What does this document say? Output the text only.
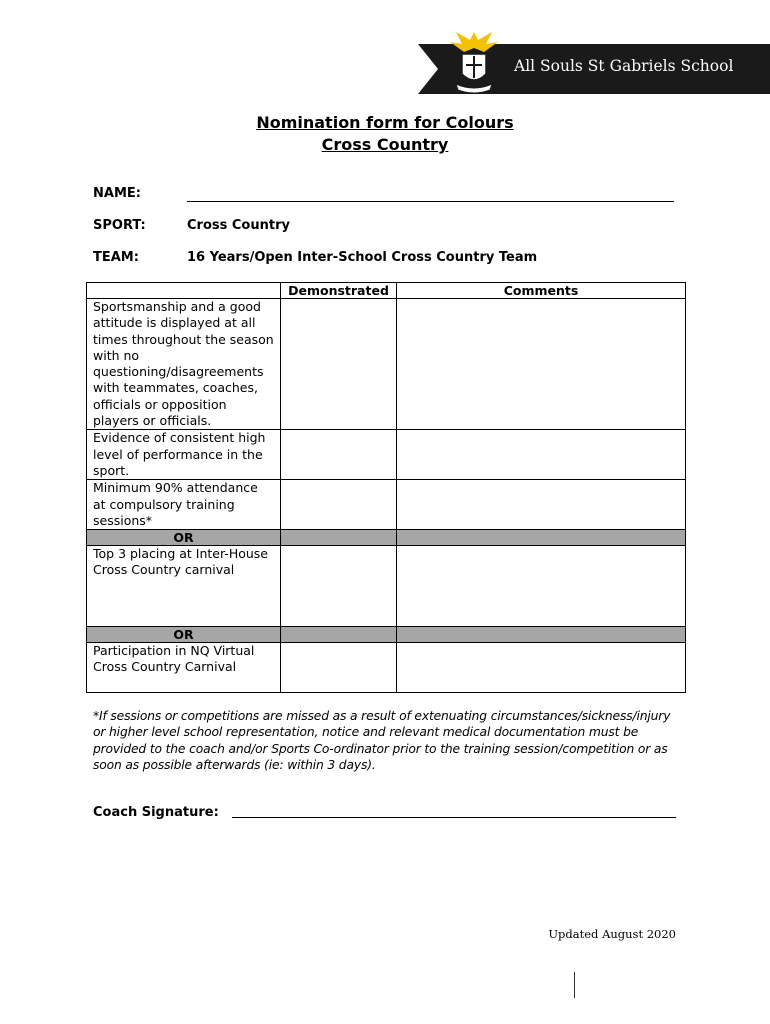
All Souls St Gabriels School
Nomination form for Colours
Cross Country
NAME:
SPORT:	Cross Country
TEAM:	16 Years/Open Inter-School Cross Country Team
	Demonstrated	Comments
Sportsmanship and a good attitude is displayed at all times throughout the season with no questioning/disagreements with teammates, coaches, officials or opposition players or officials.		
Evidence of consistent high level of performance in the sport.		
Minimum 90% attendance at compulsory training sessions*		
OR		
Top 3 placing at Inter-House Cross Country carnival		
OR		
Participation in NQ Virtual Cross Country Carnival		
*If sessions or competitions are missed as a result of extenuating circumstances/sickness/injury or higher level school representation, notice and relevant medical documentation must be provided to the coach and/or Sports Co-ordinator prior to the training session/competition or as soon as possible afterwards (ie: within 3 days).
Coach Signature:
Updated August 2020
